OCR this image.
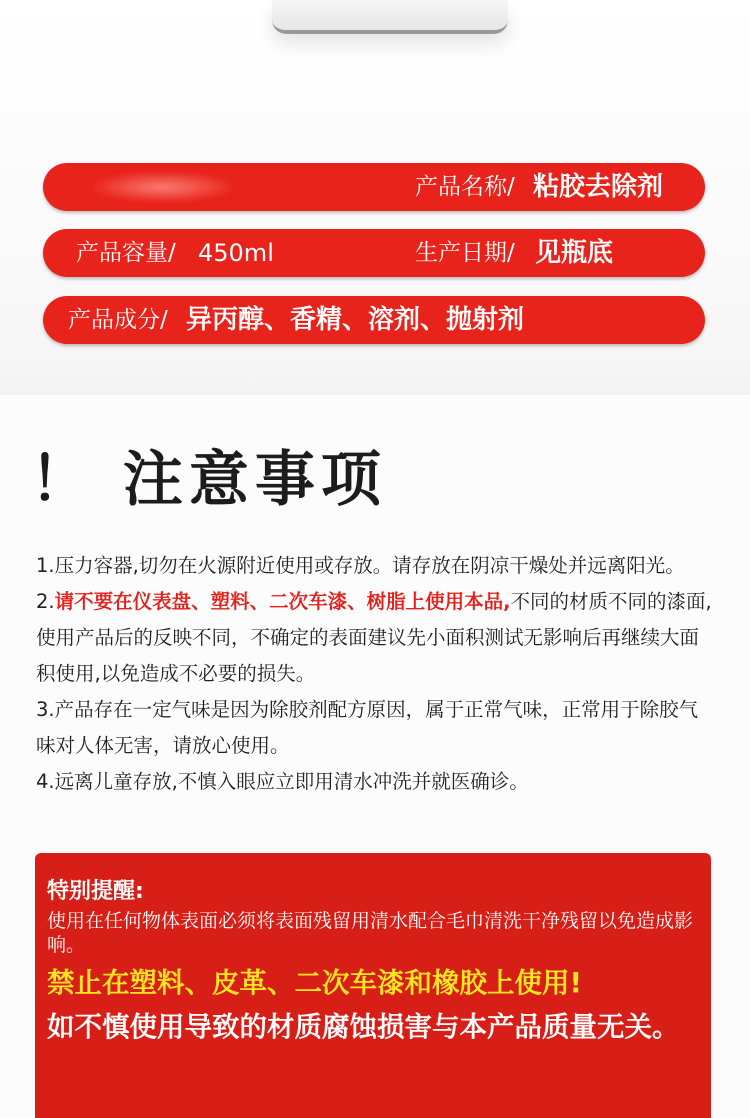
产品名称/ 粘胶去除剂
产品容量/ 450ml	生产日期/ 见瓶底
产品成分/ 异丙醇、香精、溶剂、抛射剂
！ 注意事项

1.压力容器,切勿在火源附近使用或存放。请存放在阴凉干燥处并远离阳光。

2.请不要在仪表盘、塑料、二次车漆、树脂上使用本品,不同的材质不同的漆面,使用产品后的反映不同，不确定的表面建议先小面积测试无影响后再继续大面积使用,以免造成不必要的损失。

3.产品存在一定气味是因为除胶剂配方原因，属于正常气味，正常用于除胶气味对人体无害，请放心使用。

4.远离儿童存放,不慎入眼应立即用清水冲洗并就医确诊。

特别提醒:
使用在任何物体表面必须将表面残留用清水配合毛巾清洗干净残留以免造成影响。
禁止在塑料、皮革、二次车漆和橡胶上使用!
如不慎使用导致的材质腐蚀损害与本产品质量无关。
